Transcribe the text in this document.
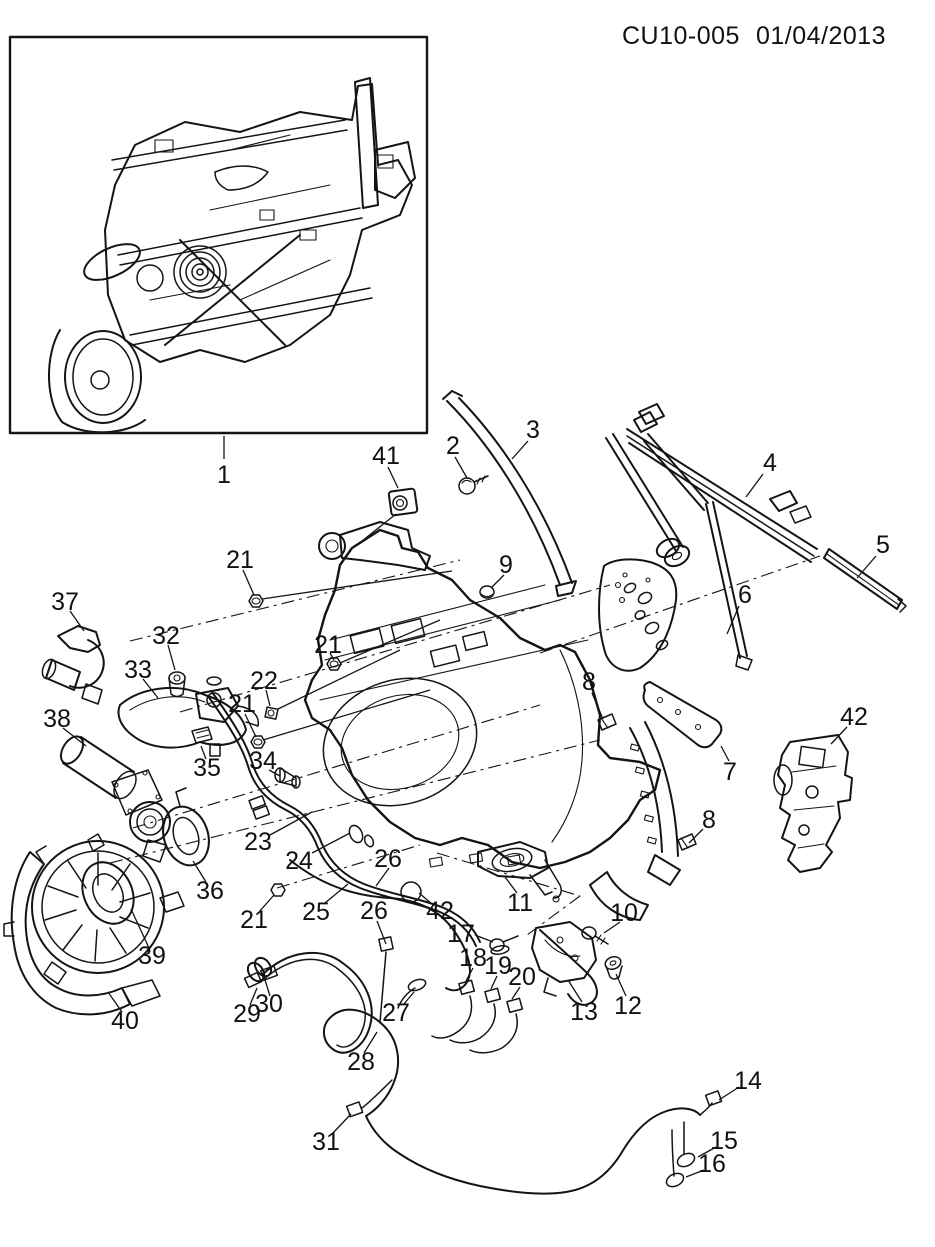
CU10-005 01/04/2013
1
2
3
4
5
6
7
8
8
9
10
11
12
13
14
15
16
17
18
19
20
21
21
21
21
22
23
24
25
26
26
27
28
29
30
31
32
33
34
35
36
37
38
39
40
41
42
42
